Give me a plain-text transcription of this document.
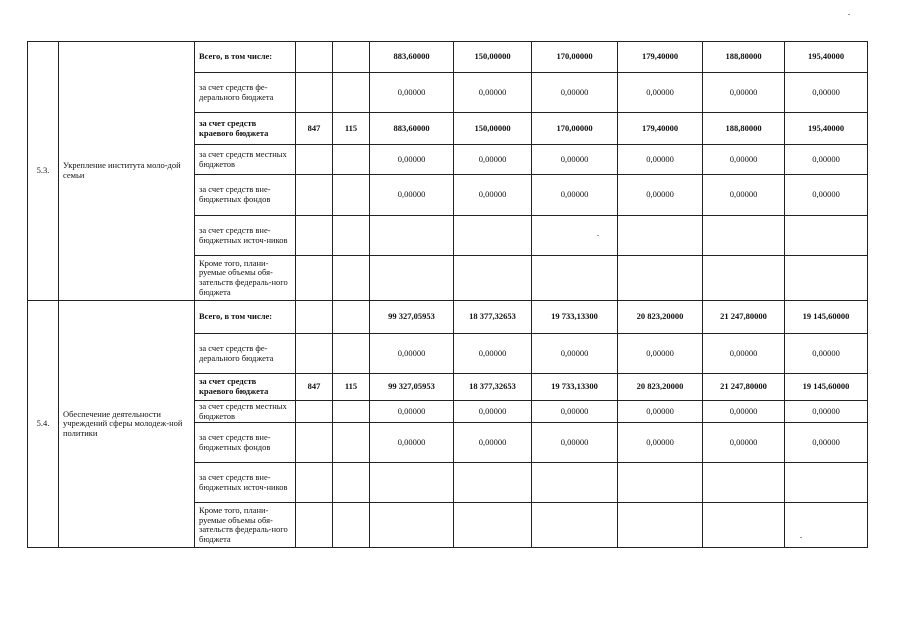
5.3.	Укрепление института моло-дой семьи	Всего, в том числе:			883,60000	150,00000	170,00000	179,40000	188,80000	195,40000
		за счет средств фе-дерального бюджета			0,00000	0,00000	0,00000	0,00000	0,00000	0,00000
		за счет средств краевого бюджета	847	115	883,60000	150,00000	170,00000	179,40000	188,80000	195,40000
		за счет средств местных бюджетов			0,00000	0,00000	0,00000	0,00000	0,00000	0,00000
		за счет средств вне-бюджетных фондов			0,00000	0,00000	0,00000	0,00000	0,00000	0,00000
		за счет средств вне-бюджетных источ-ников								
		Кроме того, плани-руемые объемы обя-зательств федераль-ного бюджета								
5.4.	Обеспечение деятельности учреждений сферы молодеж-ной политики	Всего, в том числе:			99 327,05953	18 377,32653	19 733,13300	20 823,20000	21 247,80000	19 145,60000
		за счет средств фе-дерального бюджета			0,00000	0,00000	0,00000	0,00000	0,00000	0,00000
		за счет средств краевого бюджета	847	115	99 327,05953	18 377,32653	19 733,13300	20 823,20000	21 247,80000	19 145,60000
		за счет средств местных бюджетов			0,00000	0,00000	0,00000	0,00000	0,00000	0,00000
		за счет средств вне-бюджетных фондов			0,00000	0,00000	0,00000	0,00000	0,00000	0,00000
		за счет средств вне-бюджетных источ-ников								
		Кроме того, плани-руемые объемы обя-зательств федераль-ного бюджета								
